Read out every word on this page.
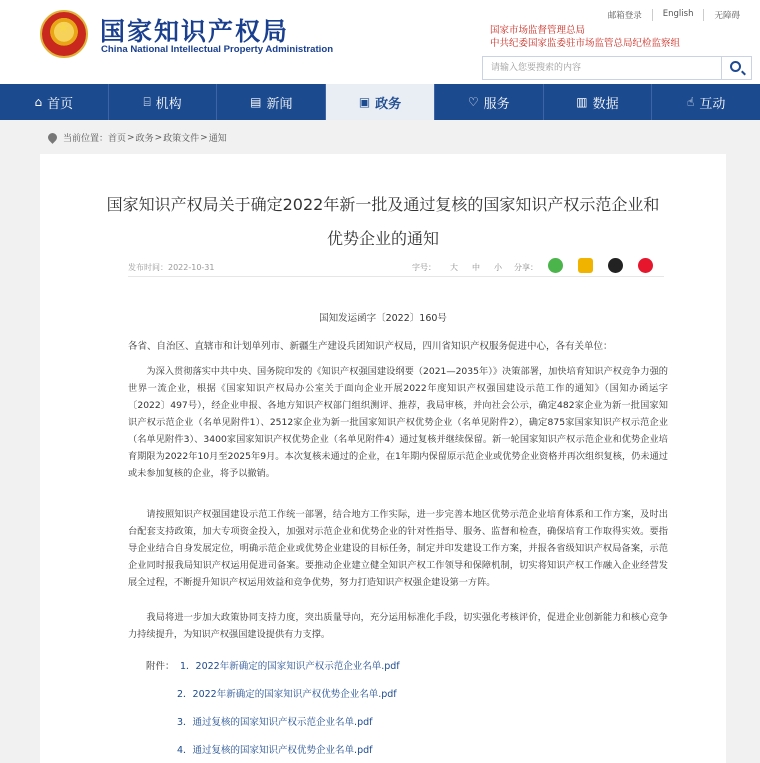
★
国家知识产权局
China National Intellectual Property Administration
邮箱登录	English	无障碍
国家市场监督管理总局
中共纪委国家监委驻市场监管总局纪检监察组
请输入您要搜索的内容
⌂ 首页	⌸ 机构	▤ 新闻	▣ 政务	♡ 服务	▥ 数据	☝ 互动
当前位置： 首页 > 政务 > 政策文件 > 通知
国家知识产权局关于确定2022年新一批及通过复核的国家知识产权示范企业和优势企业的通知
发布时间：2022-10-31	字号： 大 中 小 分享：
国知发运函字〔2022〕160号
各省、自治区、直辖市和计划单列市、新疆生产建设兵团知识产权局，四川省知识产权服务促进中心，各有关单位：

为深入贯彻落实中共中央、国务院印发的《知识产权强国建设纲要（2021—2035年）》决策部署，加快培育知识产权竞争力强的世界一流企业，根据《国家知识产权局办公室关于面向企业开展2022年度知识产权强国建设示范工作的通知》（国知办函运字〔2022〕497号），经企业申报、各地方知识产权部门组织测评、推荐，我局审核，并向社会公示，确定482家企业为新一批国家知识产权示范企业（名单见附件1）、2512家企业为新一批国家知识产权优势企业（名单见附件2），确定875家国家知识产权示范企业（名单见附件3）、3400家国家知识产权优势企业（名单见附件4）通过复核并继续保留。新一轮国家知识产权示范企业和优势企业培育期限为2022年10月至2025年9月。本次复核未通过的企业，在1年期内保留原示范企业或优势企业资格并再次组织复核，仍未通过或未参加复核的企业，将予以撤销。

请按照知识产权强国建设示范工作统一部署，结合地方工作实际，进一步完善本地区优势示范企业培育体系和工作方案，及时出台配套支持政策，加大专项资金投入，加强对示范企业和优势企业的针对性指导、服务、监督和检查，确保培育工作取得实效。要指导企业结合自身发展定位，明确示范企业或优势企业建设的目标任务，制定并印发建设工作方案，并报各省级知识产权局备案，示范企业同时报我局知识产权运用促进司备案。要推动企业建立健全知识产权工作领导和保障机制，切实将知识产权工作融入企业经营发展全过程，不断提升知识产权运用效益和竞争优势，努力打造知识产权强企建设第一方阵。

我局将进一步加大政策协同支持力度，突出质量导向，充分运用标准化手段，切实强化考核评价，促进企业创新能力和核心竞争力持续提升，为知识产权强国建设提供有力支撑。

附件： 1．2022年新确定的国家知识产权示范企业名单.pdf
2．2022年新确定的国家知识产权优势企业名单.pdf
3．通过复核的国家知识产权示范企业名单.pdf
4．通过复核的国家知识产权优势企业名单.pdf
